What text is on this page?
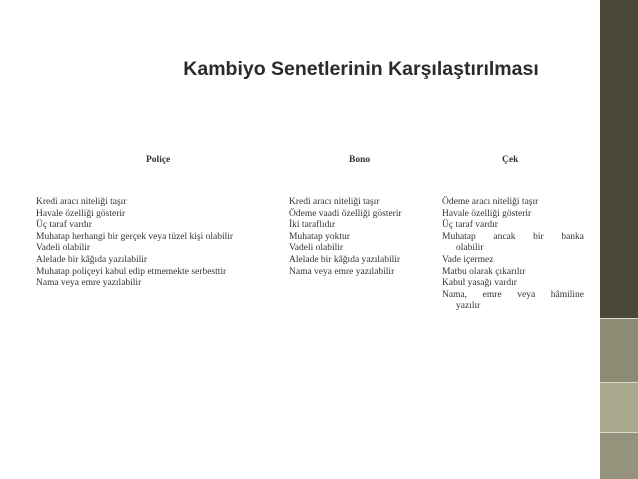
Kambiyo Senetlerinin Karşılaştırılması

Poliçe	Bono	Çek

Kredi aracı niteliği taşır
Havale özelliği gösterir
Üç taraf vardır
Muhatap herhangi bir gerçek veya tüzel kişi olabilir
Vadeli olabilir
Alelade bir kâğıda yazılabilir
Muhatap poliçeyi kabul edip etmemekte serbesttir
Nama veya emre yazılabilir
Kredi aracı niteliği taşır
Ödeme vaadi özelliği gösterir
İki taraflıdır
Muhatap yoktur
Vadeli olabilir
Alelade bir kâğıda yazılabilir
Nama veya emre yazılabilir
Ödeme aracı niteliği taşır
Havale özelliği gösterir
Üç taraf vardır
Muhatap ancak bir banka
olabilir
Vade içermez
Matbu olarak çıkarılır
Kabul yasağı vardır
Nama, emre veya hâmiline
yazılır
